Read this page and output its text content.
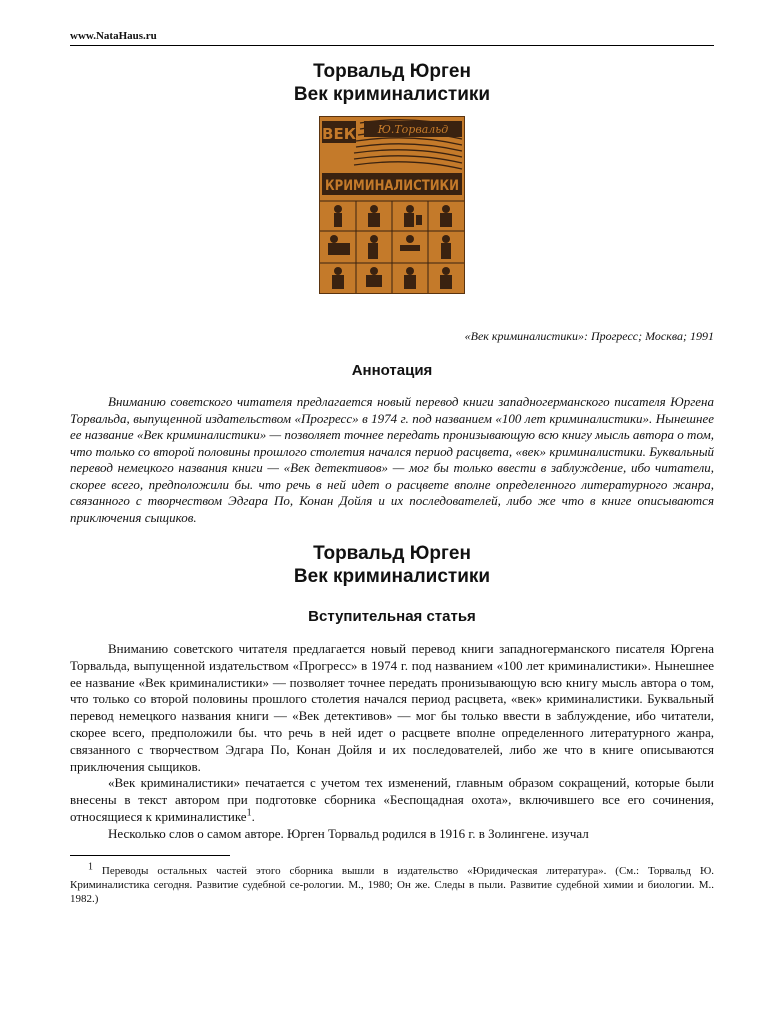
www.NataHaus.ru
Торвальд Юрген
Век криминалистики
ВЕК Ю.Торвальд
КРИМИНАЛИСТИКИ
«Век криминалистики»: Прогресс; Москва; 1991
Аннотация
Вниманию советского читателя предлагается новый перевод книги западногерманского писателя Юргена Торвальда, выпущенной издательством «Прогресс» в 1974 г. под названием «100 лет криминалистики». Нынешнее ее название «Век криминалистики» — позволяет точнее передать пронизывающую всю книгу мысль автора о том, что только со второй половины прошлого столетия начался период расцвета, «век» криминалистики. Буквальный перевод немецкого названия книги — «Век детективов» — мог бы только ввести в заблуждение, ибо читатели, скорее всего, предположили бы. что речь в ней идет о расцвете вполне определенного литературного жанра, связанного с творчеством Эдгара По, Конан Дойля и их последователей, либо же что в книге описываются приключения сыщиков.
Торвальд Юрген
Век криминалистики
Вступительная статья

Вниманию советского читателя предлагается новый перевод книги западногерманского писателя Юргена Торвальда, выпущенной издательством «Прогресс» в 1974 г. под названием «100 лет криминалистики». Нынешнее ее название «Век криминалистики» — позволяет точнее передать пронизывающую всю книгу мысль автора о том, что только со второй половины прошлого столетия начался период расцвета, «век» криминалистики. Буквальный перевод немецкого названия книги — «Век детективов» — мог бы только ввести в заблуждение, ибо читатели, скорее всего, предположили бы. что речь в ней идет о расцвете вполне определенного литературного жанра, связанного с творчеством Эдгара По, Конан Дойля и их последователей, либо же что в книге описываются приключения сыщиков.

«Век криминалистики» печатается с учетом тех изменений, главным образом сокращений, которые были внесены в текст автором при подготовке сборника «Беспощадная охота», включившего все его сочинения, относящиеся к криминалистике$^1$.

Несколько слов о самом авторе. Юрген Торвальд родился в 1916 г. в Золингене. изучал

$^1$ Переводы остальных частей этого сборника вышли в издательство «Юридическая литература». (См.: Торвальд Ю. Криминалистика сегодня. Развитие судебной се-рологии. М., 1980; Он же. Следы в пыли. Развитие судебной химии и биологии. М.. 1982.)
